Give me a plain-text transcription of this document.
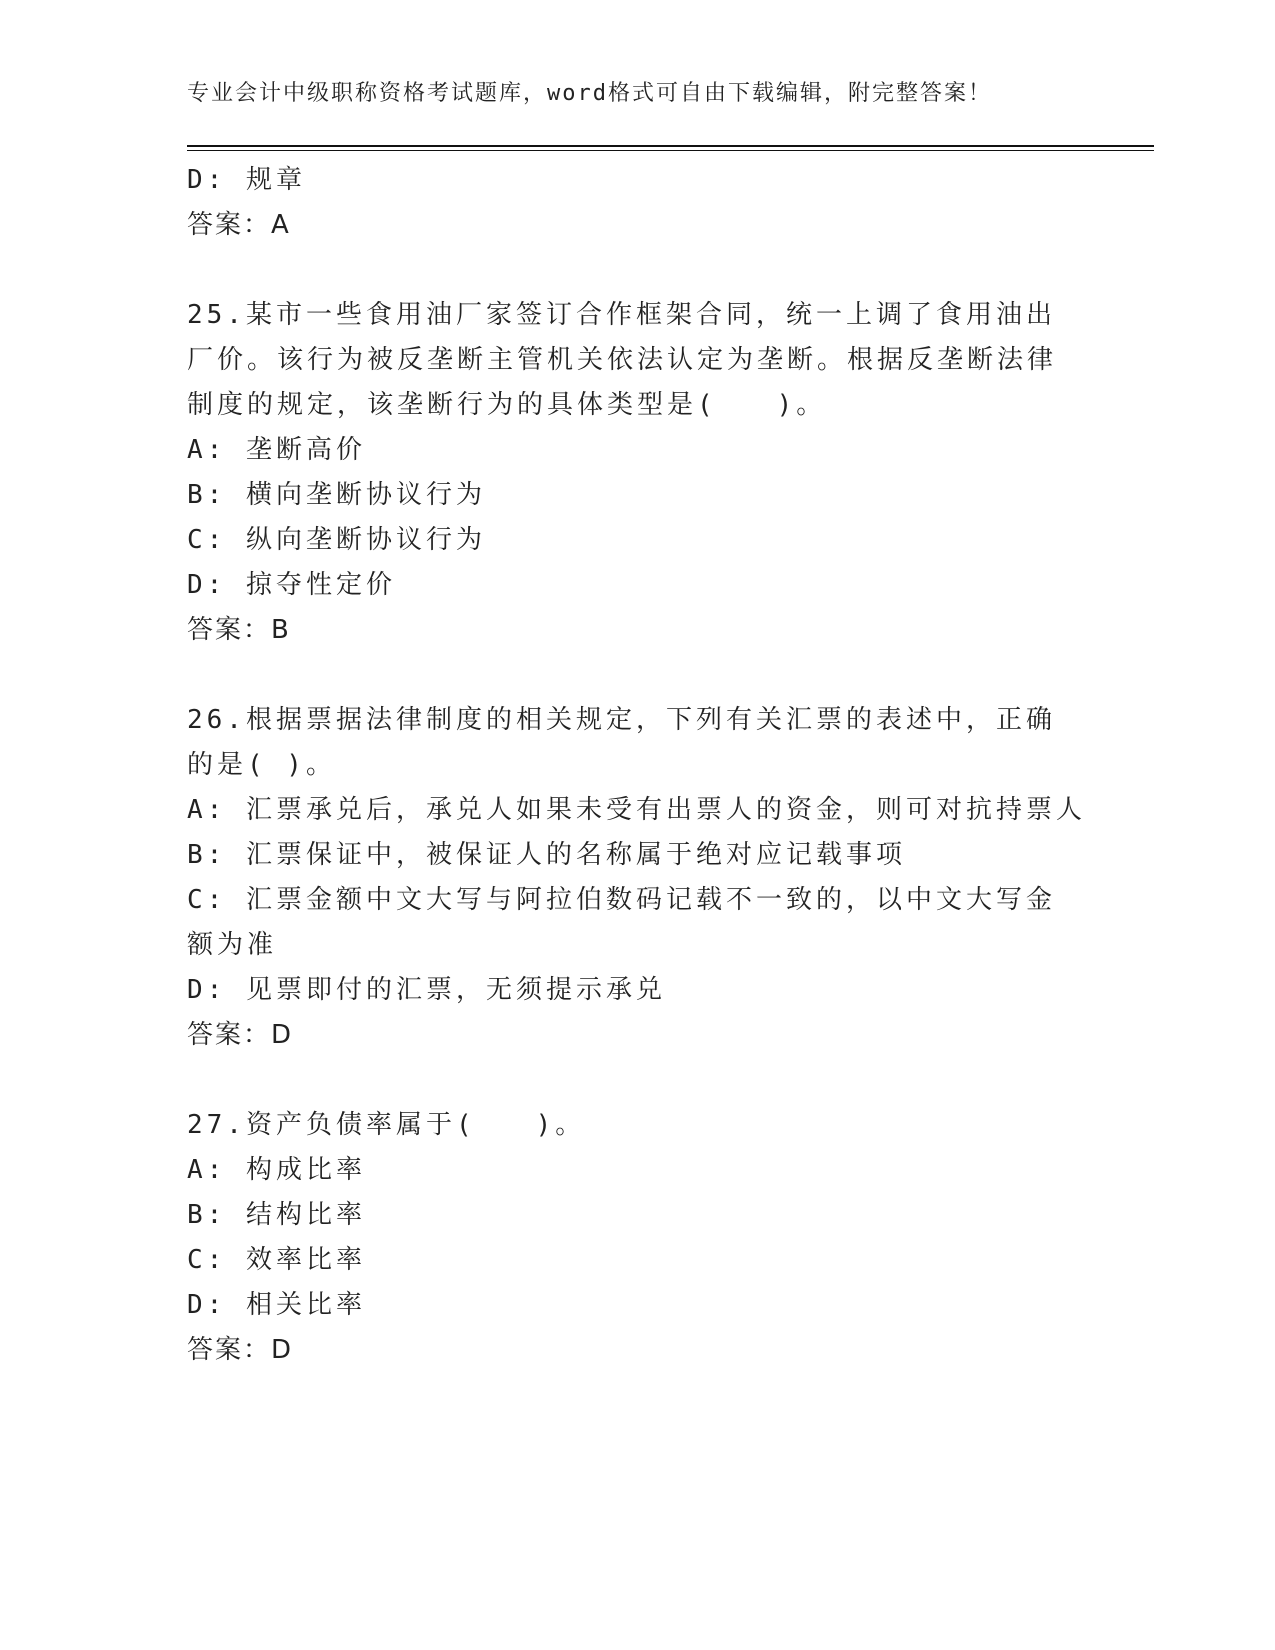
专业会计中级职称资格考试题库，word格式可自由下载编辑，附完整答案！
D: 规章
答案：A
25.某市一些食用油厂家签订合作框架合同，统一上调了食用油出厂价。该行为被反垄断主管机关依法认定为垄断。根据反垄断法律制度的规定，该垄断行为的具体类型是(　　)。
A: 垄断高价
B: 横向垄断协议行为
C: 纵向垄断协议行为
D: 掠夺性定价
答案：B
26.根据票据法律制度的相关规定，下列有关汇票的表述中，正确的是( )。
A: 汇票承兑后，承兑人如果未受有出票人的资金，则可对抗持票人
B: 汇票保证中，被保证人的名称属于绝对应记载事项
C: 汇票金额中文大写与阿拉伯数码记载不一致的，以中文大写金额为准
D: 见票即付的汇票，无须提示承兑
答案：D
27.资产负债率属于(　　)。
A: 构成比率
B: 结构比率
C: 效率比率
D: 相关比率
答案：D
